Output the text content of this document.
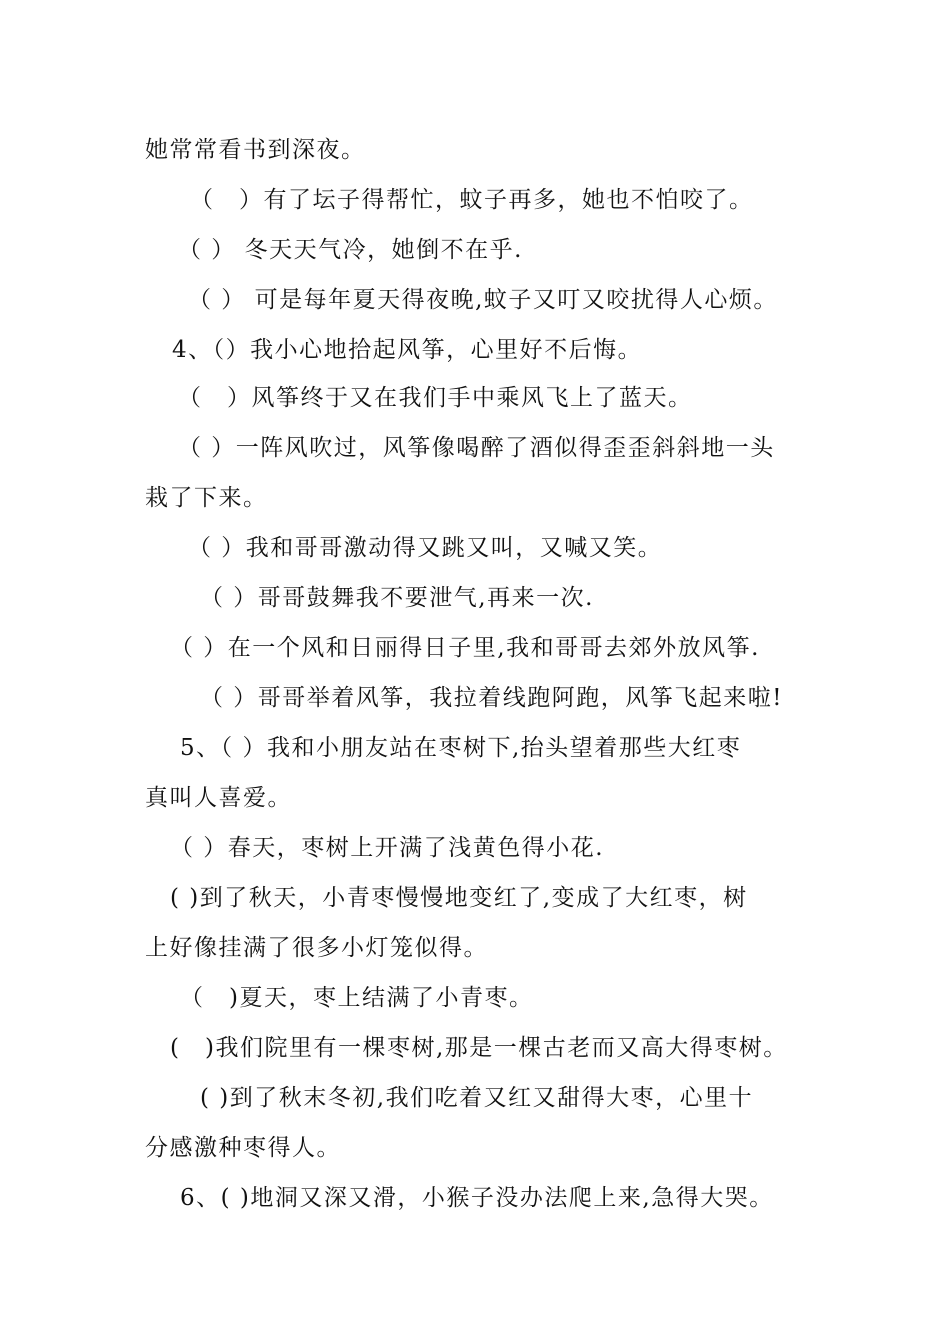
她常常看书到深夜。
（　）有了坛子得帮忙，蚊子再多，她也不怕咬了。
（ ） 冬天天气冷，她倒不在乎.
（ ） 可是每年夏天得夜晚,蚊子又叮又咬扰得人心烦。
4、（）我小心地拾起风筝，心里好不后悔。
（　）风筝终于又在我们手中乘风飞上了蓝天。
（ ）一阵风吹过，风筝像喝醉了酒似得歪歪斜斜地一头
栽了下来。
（ ）我和哥哥激动得又跳又叫，又喊又笑。
（ ）哥哥鼓舞我不要泄气,再来一次.
（ ）在一个风和日丽得日子里,我和哥哥去郊外放风筝.
（ ）哥哥举着风筝，我拉着线跑阿跑，风筝飞起来啦!
5、（ ）我和小朋友站在枣树下,抬头望着那些大红枣
真叫人喜爱。
（ ）春天，枣树上开满了浅黄色得小花.
( )到了秋天，小青枣慢慢地变红了,变成了大红枣，树
上好像挂满了很多小灯笼似得。
（　)夏天，枣上结满了小青枣。
(　)我们院里有一棵枣树,那是一棵古老而又高大得枣树。
( )到了秋末冬初,我们吃着又红又甜得大枣，心里十
分感激种枣得人。
6、( )地洞又深又滑，小猴子没办法爬上来,急得大哭。
